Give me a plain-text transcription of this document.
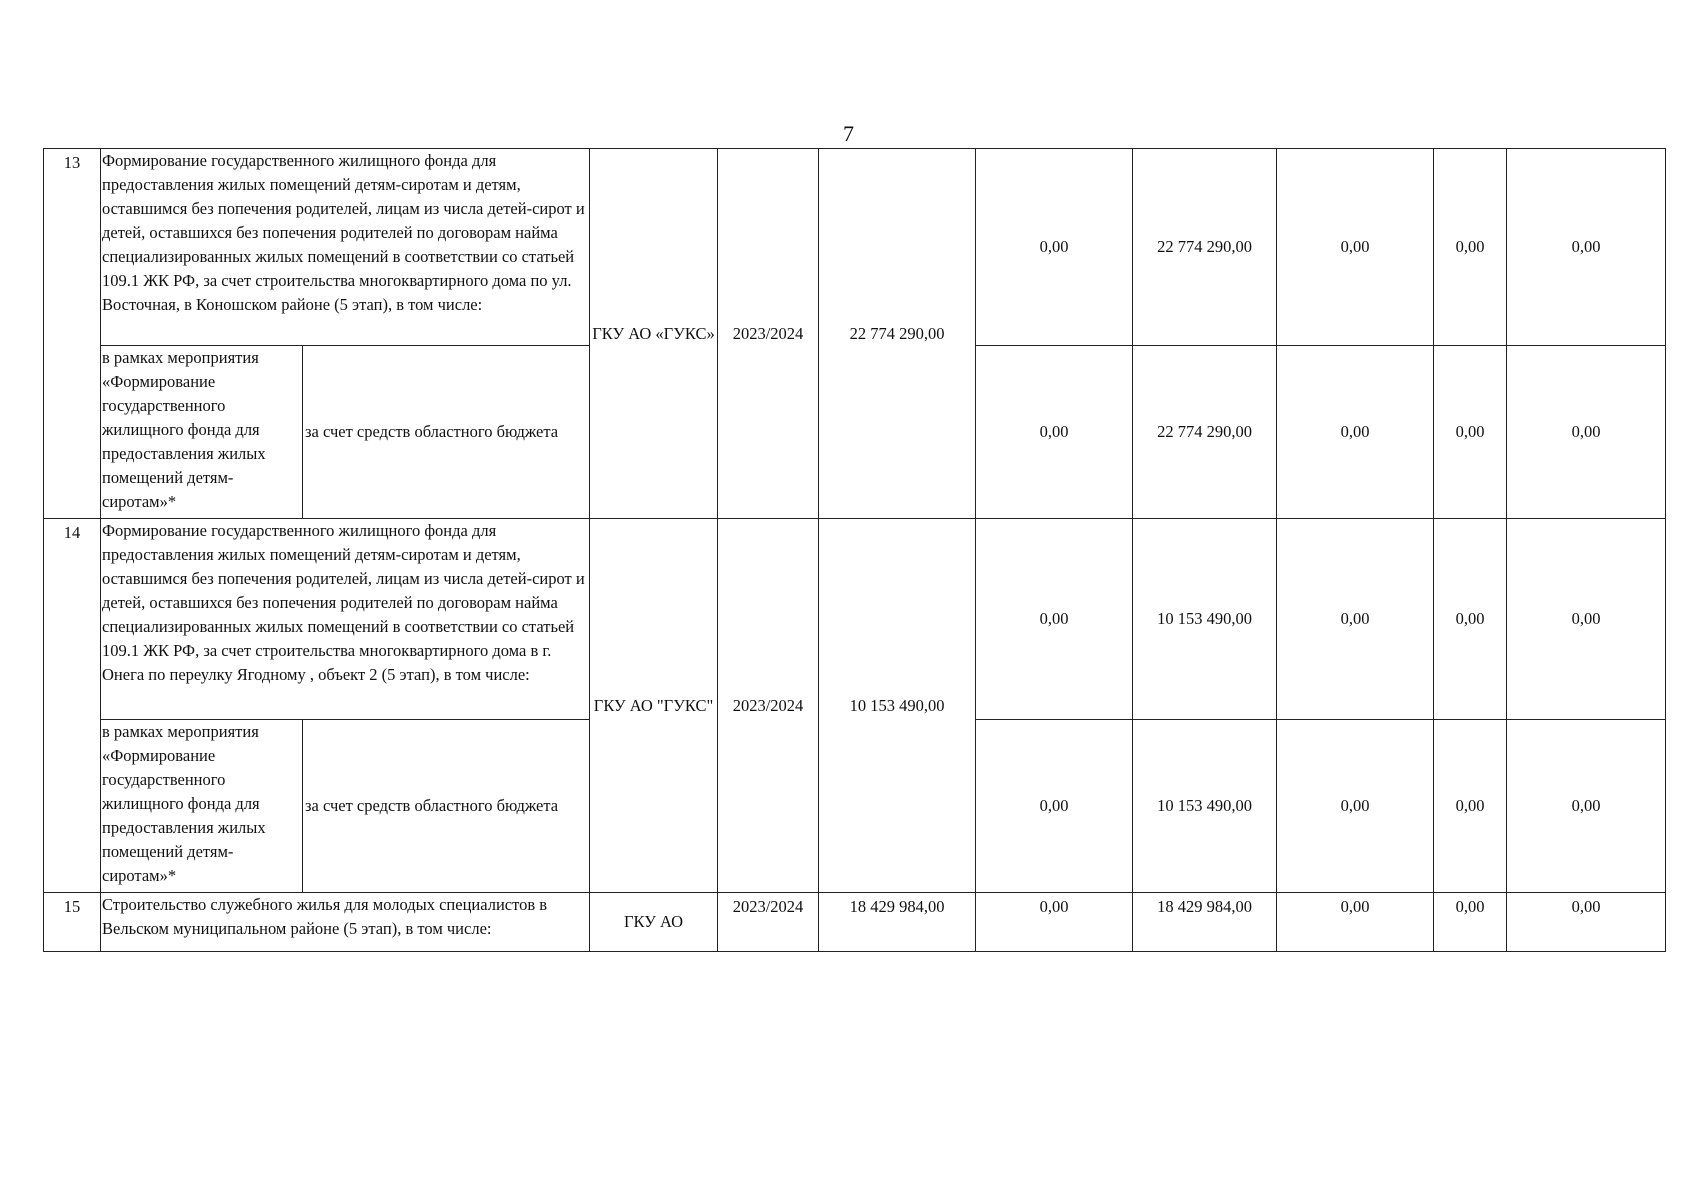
7
13	Формирование государственного жилищного фонда для предоставления жилых помещений детям-сиротам и детям, оставшимся без попечения родителей, лицам из числа детей-сирот и детей, оставшихся без попечения родителей по договорам найма специализированных жилых помещений в соответствии со статьей 109.1 ЖК РФ, за счет строительства многоквартирного дома по ул. Восточная, в Коношском районе (5 этап), в том числе:		ГКУ АО «ГУКС»	2023/2024	22 774 290,00	0,00	22 774 290,00	0,00	0,00	0,00
	в рамках мероприятия «Формирование государственного жилищного фонда для предоставления жилых помещений детям-сиротам»*	за счет средств областного бюджета				0,00	22 774 290,00	0,00	0,00	0,00
14	Формирование государственного жилищного фонда для предоставления жилых помещений детям-сиротам и детям, оставшимся без попечения родителей, лицам из числа детей-сирот и детей, оставшихся без попечения родителей по договорам найма специализированных жилых помещений в соответствии со статьей 109.1 ЖК РФ, за счет строительства многоквартирного дома в г. Онега по переулку Ягодному , объект 2 (5 этап), в том числе:		ГКУ АО "ГУКС"	2023/2024	10 153 490,00	0,00	10 153 490,00	0,00	0,00	0,00
	в рамках мероприятия «Формирование государственного жилищного фонда для предоставления жилых помещений детям-сиротам»*	за счет средств областного бюджета				0,00	10 153 490,00	0,00	0,00	0,00
15	Строительство служебного жилья для молодых специалистов в Вельском муниципальном районе (5 этап), в том числе:		ГКУ АО	2023/2024	18 429 984,00	0,00	18 429 984,00	0,00	0,00	0,00
